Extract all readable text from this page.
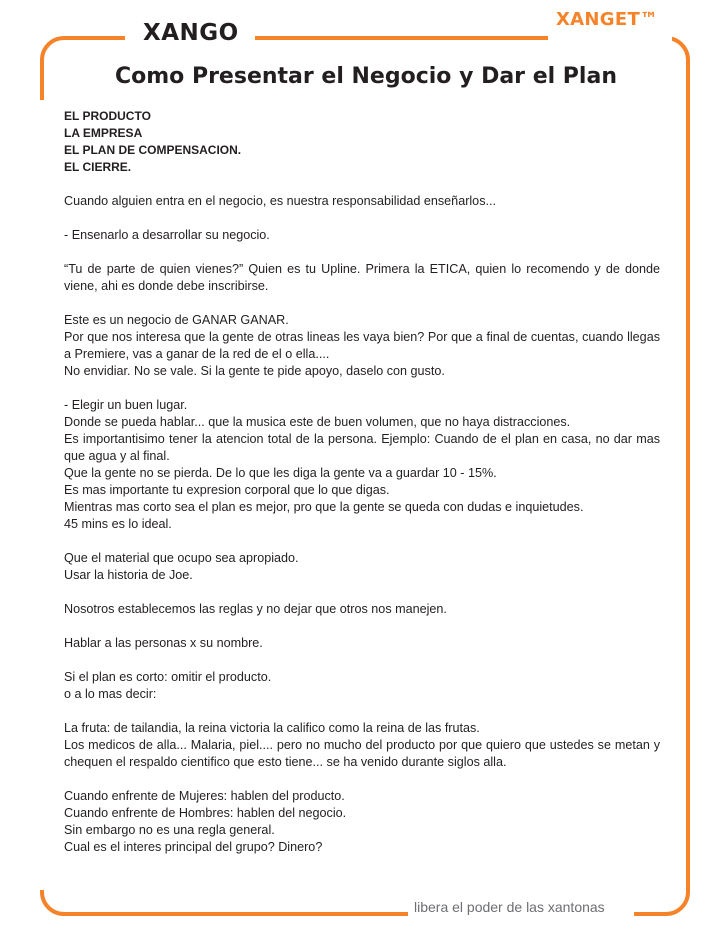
XANGO
XANGET™
Como Presentar el Negocio y Dar el Plan

EL PRODUCTO

LA EMPRESA

EL PLAN DE COMPENSACION.

EL CIERRE.

Cuando alguien entra en el negocio, es nuestra responsabilidad enseñarlos...

- Ensenarlo a desarrollar su negocio.

“Tu de parte de quien vienes?” Quien es tu Upline. Primera la ETICA, quien lo recomendo y de donde viene, ahi es donde debe inscribirse.

Este es un negocio de GANAR GANAR.
Por que nos interesa que la gente de otras lineas les vaya bien? Por que a final de cuentas, cuando llegas a Premiere, vas a ganar de la red de el o ella....
No envidiar. No se vale. Si la gente te pide apoyo, daselo con gusto.

- Elegir un buen lugar.
Donde se pueda hablar... que la musica este de buen volumen, que no haya distracciones.
Es importantisimo tener la atencion total de la persona. Ejemplo: Cuando de el plan en casa, no dar mas que agua y al final.
Que la gente no se pierda. De lo que les diga la gente va a guardar 10 - 15%.
Es mas importante tu expresion corporal que lo que digas.
Mientras mas corto sea el plan es mejor, pro que la gente se queda con dudas e inquietudes.
45 mins es lo ideal.

Que el material que ocupo sea apropiado.
Usar la historia de Joe.

Nosotros establecemos las reglas y no dejar que otros nos manejen.

Hablar a las personas x su nombre.

Si el plan es corto: omitir el producto.
o a lo mas decir:

La fruta: de tailandia, la reina victoria la califico como la reina de las frutas.
Los medicos de alla... Malaria, piel.... pero no mucho del producto por que quiero que ustedes se metan y chequen el respaldo cientifico que esto tiene... se ha venido durante siglos alla.

Cuando enfrente de Mujeres: hablen del producto.
Cuando enfrente de Hombres: hablen del negocio.
Sin embargo no es una regla general.
Cual es el interes principal del grupo? Dinero?

libera el poder de las xantonas
